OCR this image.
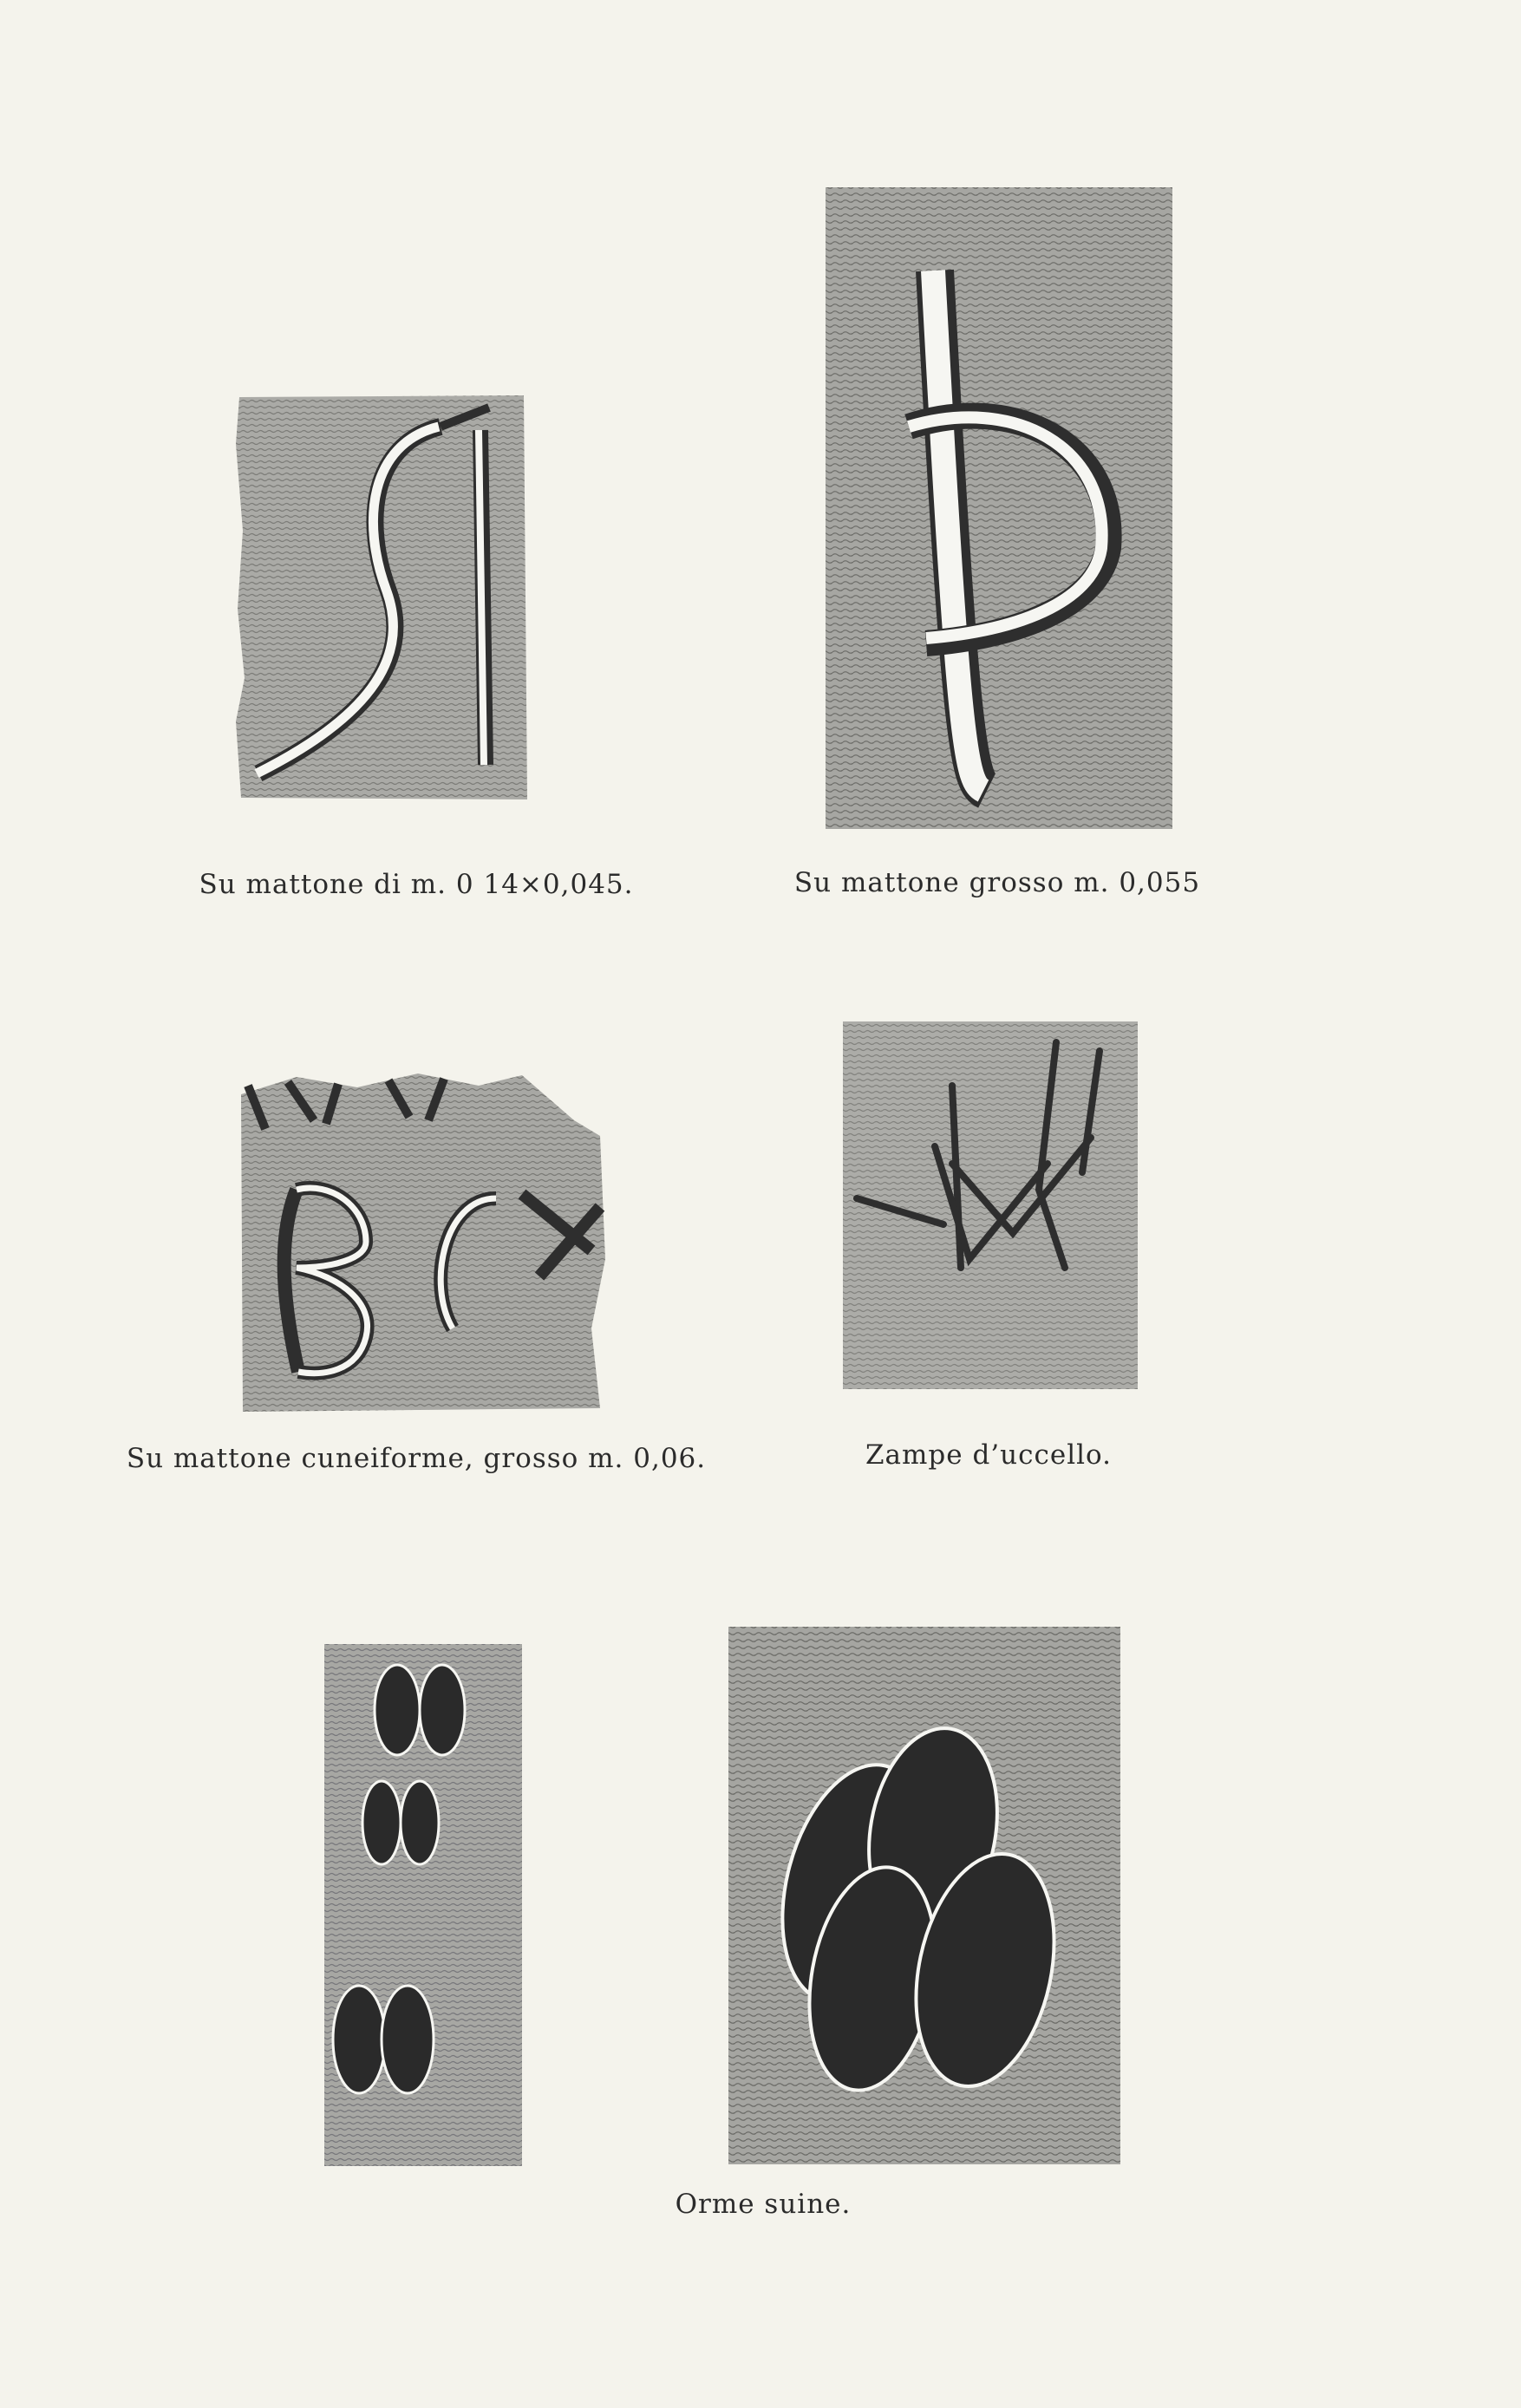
Su mattone di m. 0 14×0,045.	Su mattone grosso m. 0,055
Su mattone cuneiforme, grosso m. 0,06.	Zampe d’uccello.
Orme suine.
